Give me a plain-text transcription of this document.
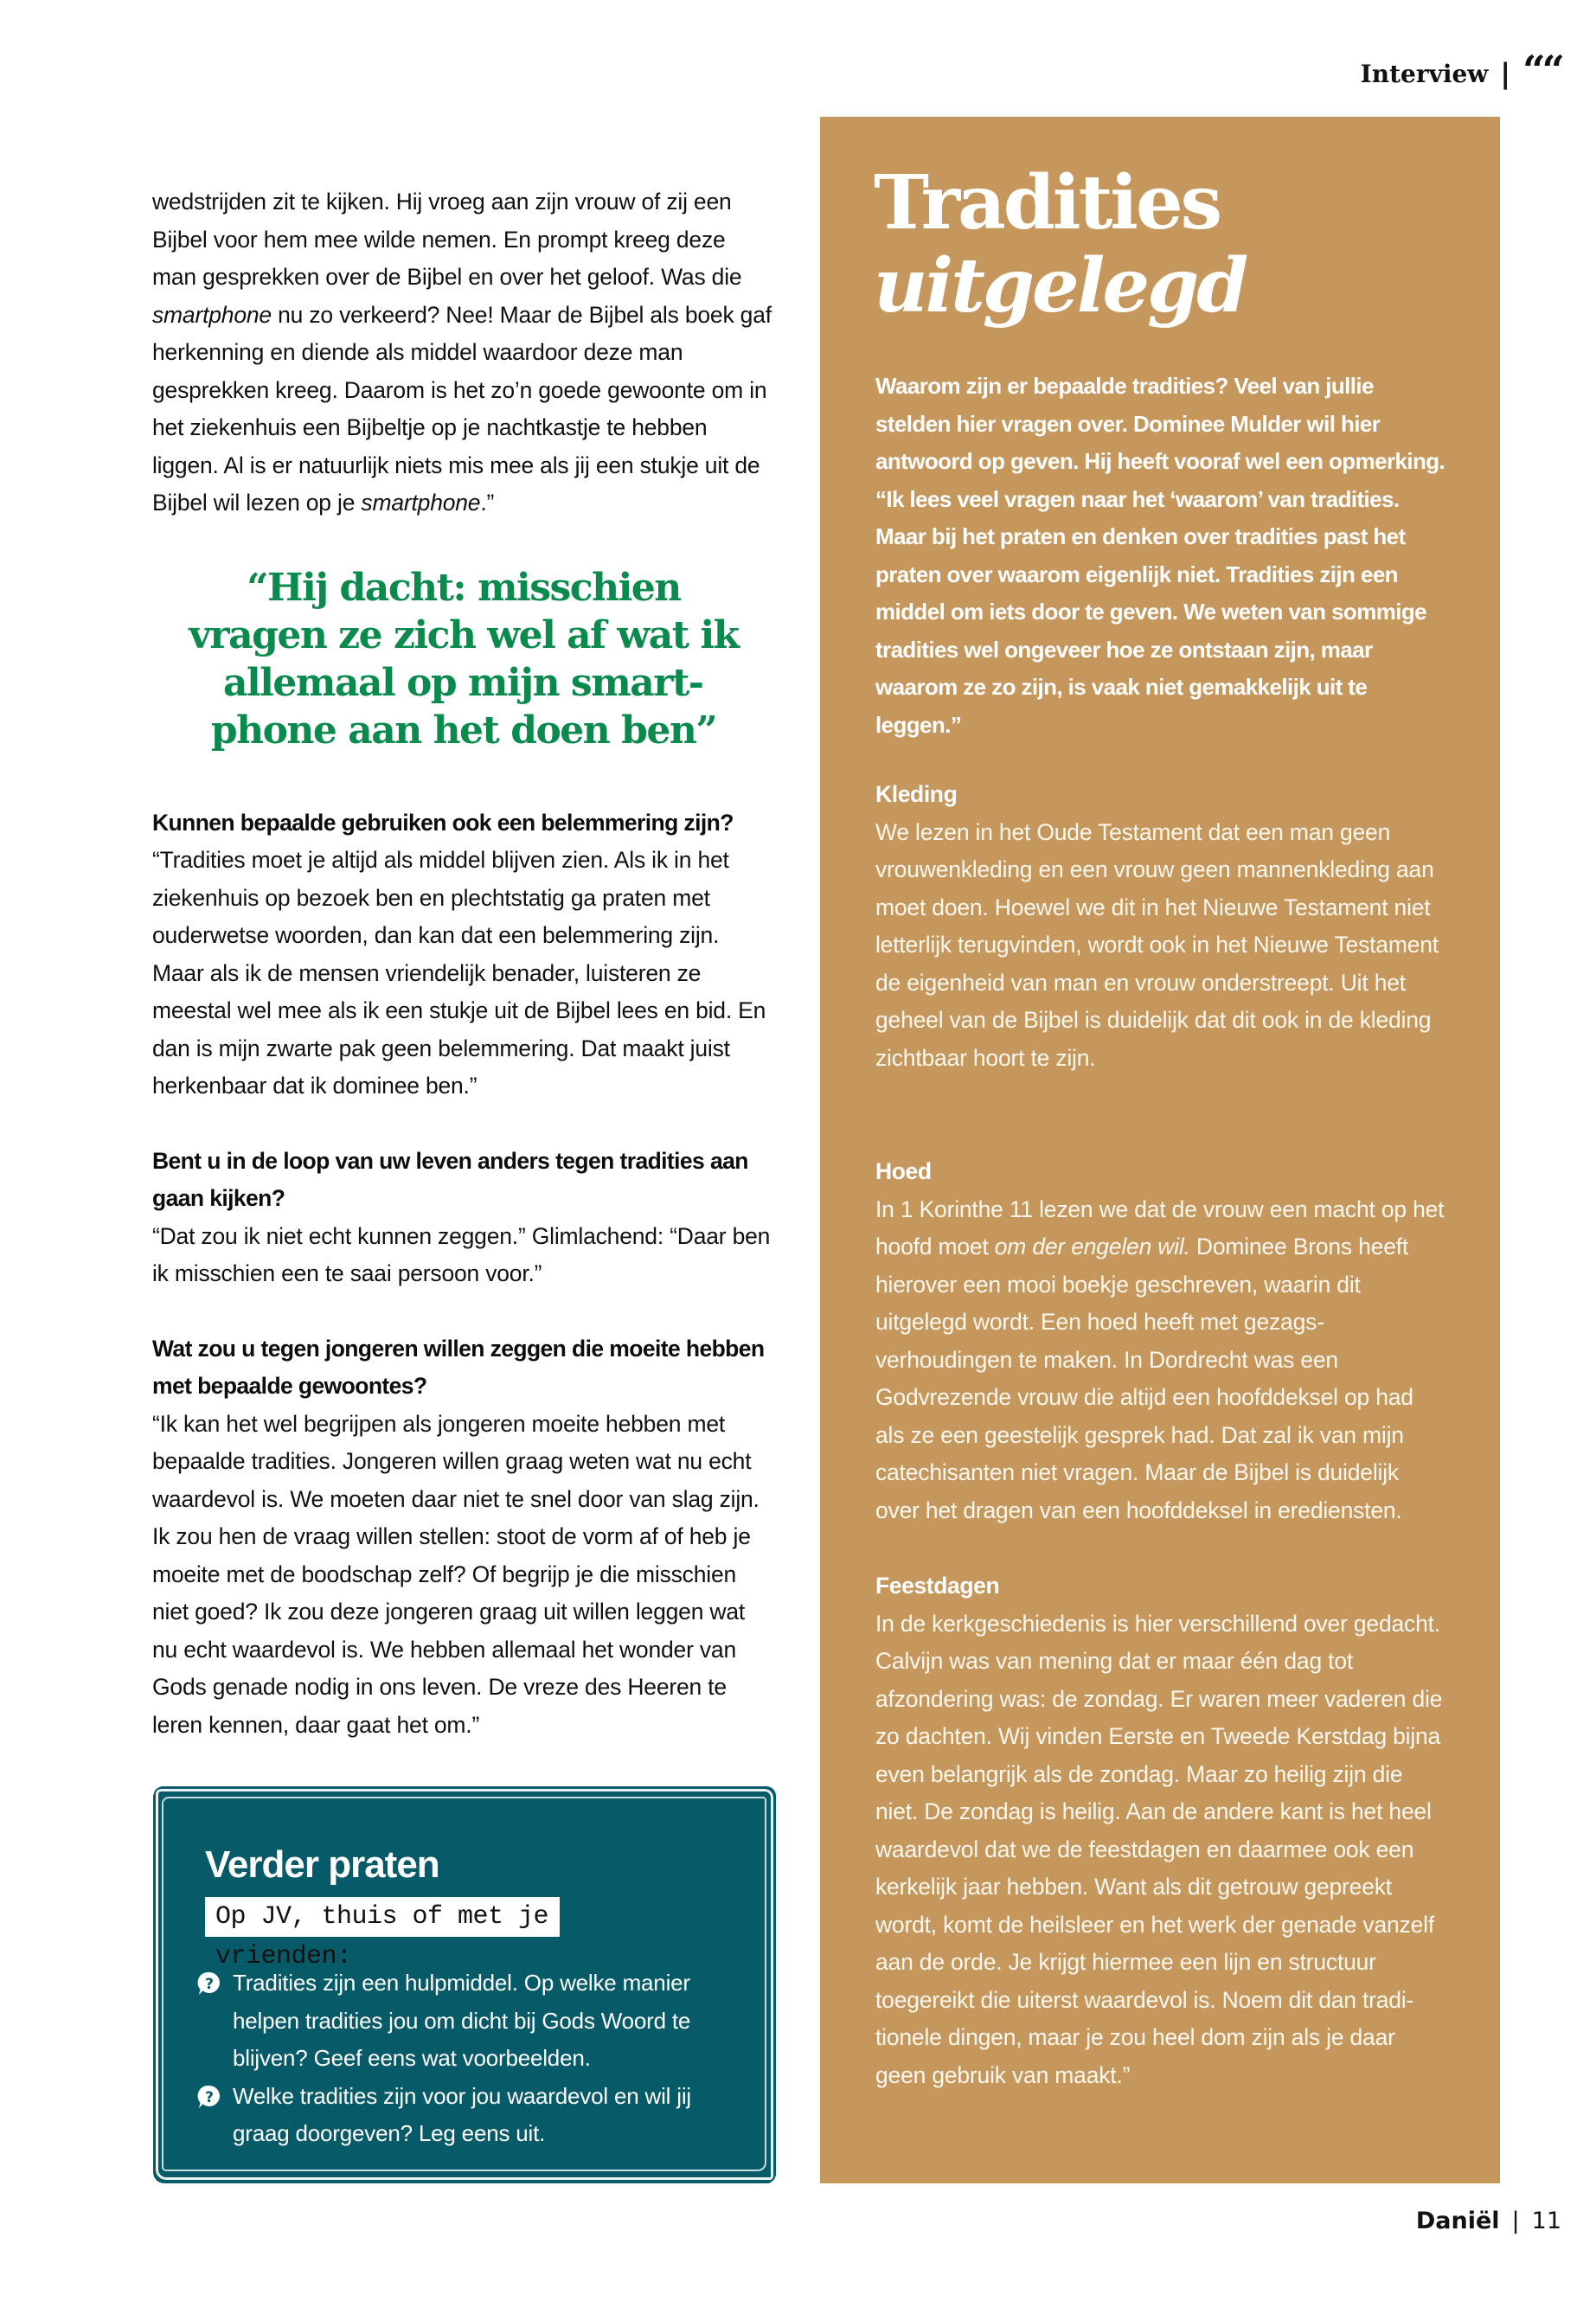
Interview | ““

wedstrijden zit te kijken. Hij vroeg aan zijn vrouw of zij een Bijbel voor hem mee wilde nemen. En prompt kreeg deze man gesprekken over de Bijbel en over het geloof. Was die smartphone nu zo verkeerd? Nee! Maar de Bijbel als boek gaf herkenning en diende als middel waardoor deze man gesprekken kreeg. Daarom is het zo’n goede gewoonte om in het ziekenhuis een Bijbeltje op je nachtkastje te hebben liggen. Al is er natuurlijk niets mis mee als jij een stukje uit de Bijbel wil lezen op je smartphone.”

“Hij dacht: misschien vragen ze zich wel af wat ik allemaal op mijn smartphone aan het doen ben”
Kunnen bepaalde gebruiken ook een belemmering zijn?
“Tradities moet je altijd als middel blijven zien. Als ik in het ziekenhuis op bezoek ben en plechtstatig ga praten met ouderwetse woorden, dan kan dat een belemmering zijn. Maar als ik de mensen vriendelijk benader, luisteren ze meestal wel mee als ik een stukje uit de Bijbel lees en bid. En dan is mijn zwarte pak geen belemmering. Dat maakt juist herkenbaar dat ik dominee ben.”
Bent u in de loop van uw leven anders tegen tradities aan gaan kijken?
“Dat zou ik niet echt kunnen zeggen.” Glimlachend: “Daar ben ik misschien een te saai persoon voor.”
Wat zou u tegen jongeren willen zeggen die moeite hebben met bepaalde gewoontes?
“Ik kan het wel begrijpen als jongeren moeite hebben met bepaalde tradities. Jongeren willen graag weten wat nu echt waardevol is. We moeten daar niet te snel door van slag zijn. Ik zou hen de vraag willen stellen: stoot de vorm af of heb je moeite met de boodschap zelf? Of begrijp je die misschien niet goed? Ik zou deze jongeren graag uit willen leggen wat nu echt waardevol is. We hebben allemaal het wonder van Gods genade nodig in ons leven. De vreze des Heeren te leren kennen, daar gaat het om.”
Verder praten
Op JV, thuis of met je vrienden:
? Tradities zijn een hulpmiddel. Op welke manier helpen tradities jou om dicht bij Gods Woord te blijven? Geef eens wat voorbeelden.
? Welke tradities zijn voor jou waardevol en wil jij graag doorgeven? Leg eens uit.
Tradities
uitgelegd

Waarom zijn er bepaalde tradities? Veel van jullie stelden hier vragen over. Dominee Mulder wil hier antwoord op geven. Hij heeft vooraf wel een opmerking. “Ik lees veel vragen naar het ‘waarom’ van tradities. Maar bij het praten en denken over tradities past het praten over waarom eigenlijk niet. Tradities zijn een middel om iets door te geven. We weten van sommige tradities wel ongeveer hoe ze ontstaan zijn, maar waarom ze zo zijn, is vaak niet gemakkelijk uit te leggen.”

Kleding

We lezen in het Oude Testament dat een man geen vrouwenkleding en een vrouw geen mannenkleding aan moet doen. Hoewel we dit in het Nieuwe Testament niet letterlijk terugvinden, wordt ook in het Nieuwe Testament de eigenheid van man en vrouw onderstreept. Uit het geheel van de Bijbel is duidelijk dat dit ook in de kleding zichtbaar hoort te zijn.

Hoed

In 1 Korinthe 11 lezen we dat de vrouw een macht op het hoofd moet om der engelen wil. Dominee Brons heeft hierover een mooi boekje geschreven, waarin dit uitgelegd wordt. Een hoed heeft met gezagsverhoudingen te maken. In Dordrecht was een Godvrezende vrouw die altijd een hoofddeksel op had als ze een geestelijk gesprek had. Dat zal ik van mijn catechisanten niet vragen. Maar de Bijbel is duidelijk over het dragen van een hoofddeksel in erediensten.

Feestdagen

In de kerkgeschiedenis is hier verschillend over gedacht. Calvijn was van mening dat er maar één dag tot afzondering was: de zondag. Er waren meer vaderen die zo dachten. Wij vinden Eerste en Tweede Kerstdag bijna even belangrijk als de zondag. Maar zo heilig zijn die niet. De zondag is heilig. Aan de andere kant is het heel waardevol dat we de feestdagen en daarmee ook een kerkelijk jaar hebben. Want als dit getrouw gepreekt wordt, komt de heilsleer en het werk der genade vanzelf aan de orde. Je krijgt hiermee een lijn en structuur toegereikt die uiterst waardevol is. Noem dit dan traditionele dingen, maar je zou heel dom zijn als je daar geen gebruik van maakt.”

Daniël | 11
